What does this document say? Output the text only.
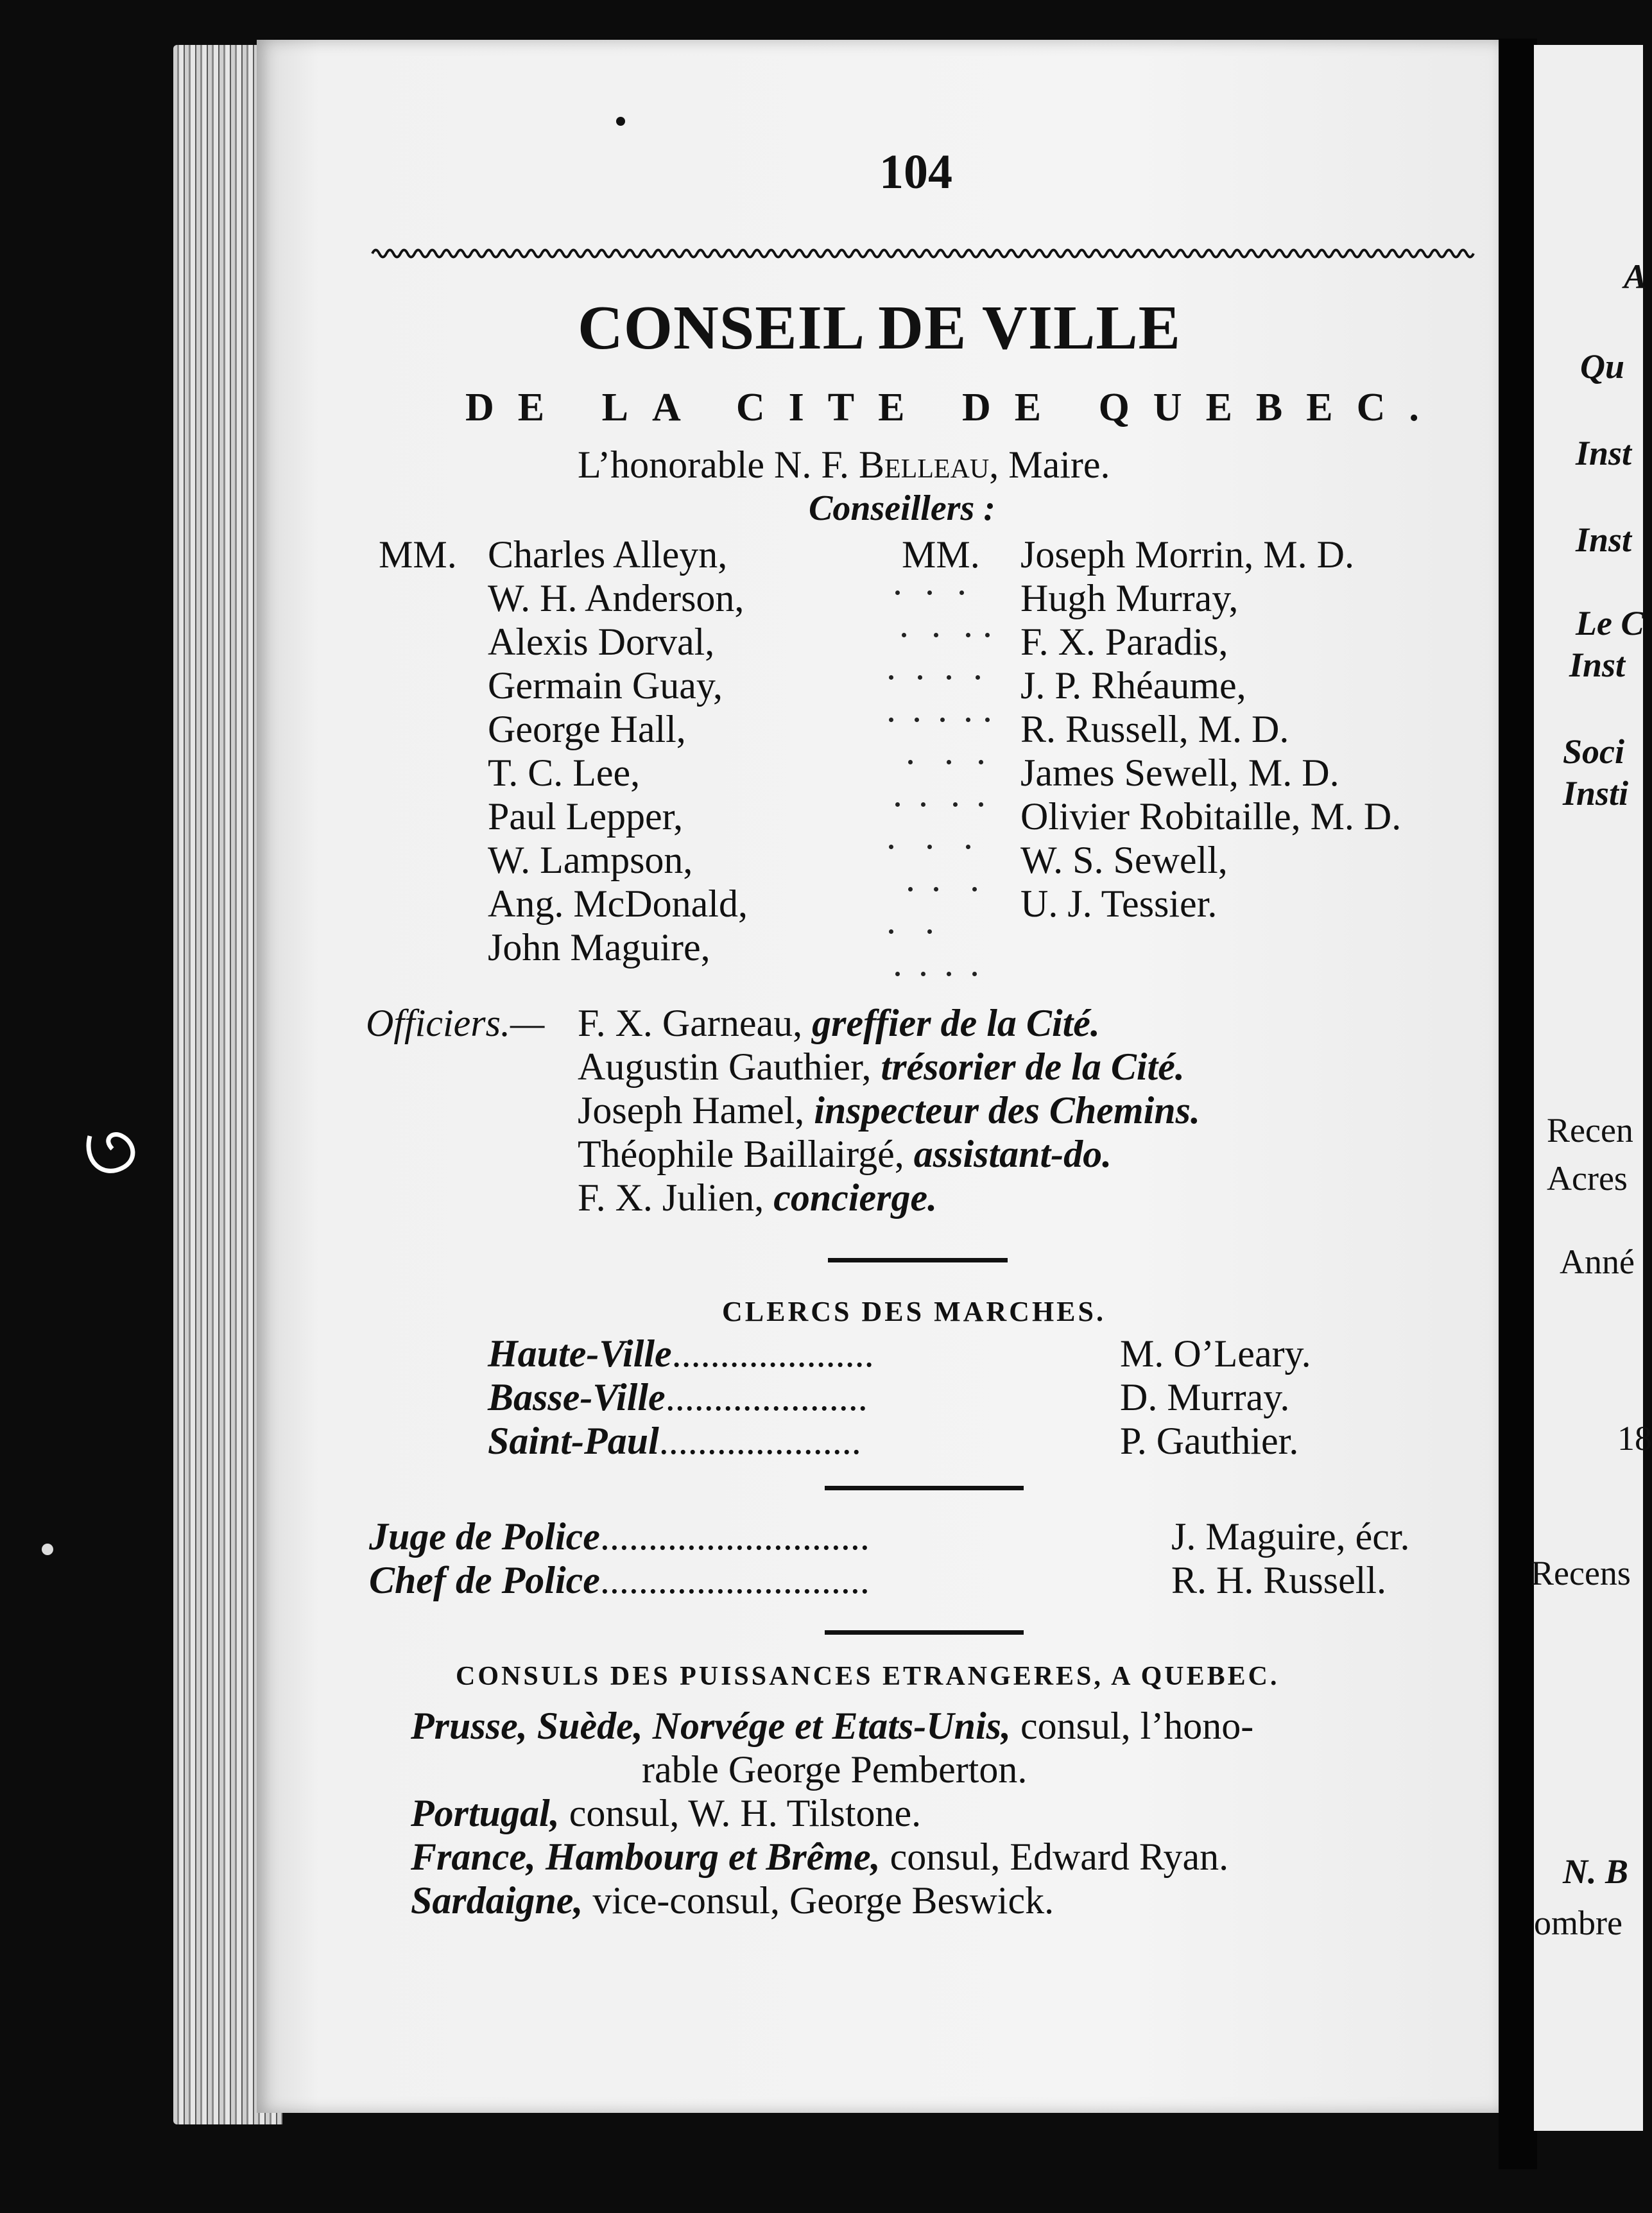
A
Qu
Inst
Inst
Le C
Inst
Soci
Insti
Recen
Acres
Anné
18
Recens
N. B
ombre
104
CONSEIL DE VILLE
DE LA CITE DE QUEBEC.
L’honorable N. F. Belleau, Maire.
Conseillers :
MM. Charles Alleyn,
W. H. Anderson,
Alexis Dorval,
Germain Guay,
George Hall,
T. C. Lee,
Paul Lepper,
W. Lampson,
Ang. McDonald,
John Maguire,
MM. Joseph Morrin, M. D.
Hugh Murray,
F. X. Paradis,
J. P. Rhéaume,
R. Russell, M. D.
James Sewell, M. D.
Olivier Robitaille, M. D.
W. S. Sewell,
U. J. Tessier.
Officiers.— F. X. Garneau, greffier de la Cité.
Augustin Gauthier, trésorier de la Cité.
Joseph Hamel, inspecteur des Chemins.
Théophile Baillairgé, assistant-do.
F. X. Julien, concierge.
CLERCS DES MARCHES.
Haute-Ville.....................	M. O’Leary.
Basse-Ville.....................	D. Murray.
Saint-Paul.....................	P. Gauthier.
Juge de Police............................	J. Maguire, écr.
Chef de Police............................	R. H. Russell.
CONSULS DES PUISSANCES ETRANGERES, A QUEBEC.
Prusse, Suède, Norvége et Etats-Unis, consul, l’hono-
rable George Pemberton.
Portugal, consul, W. H. Tilstone.
France, Hambourg et Brême, consul, Edward Ryan.
Sardaigne, vice-consul, George Beswick.
